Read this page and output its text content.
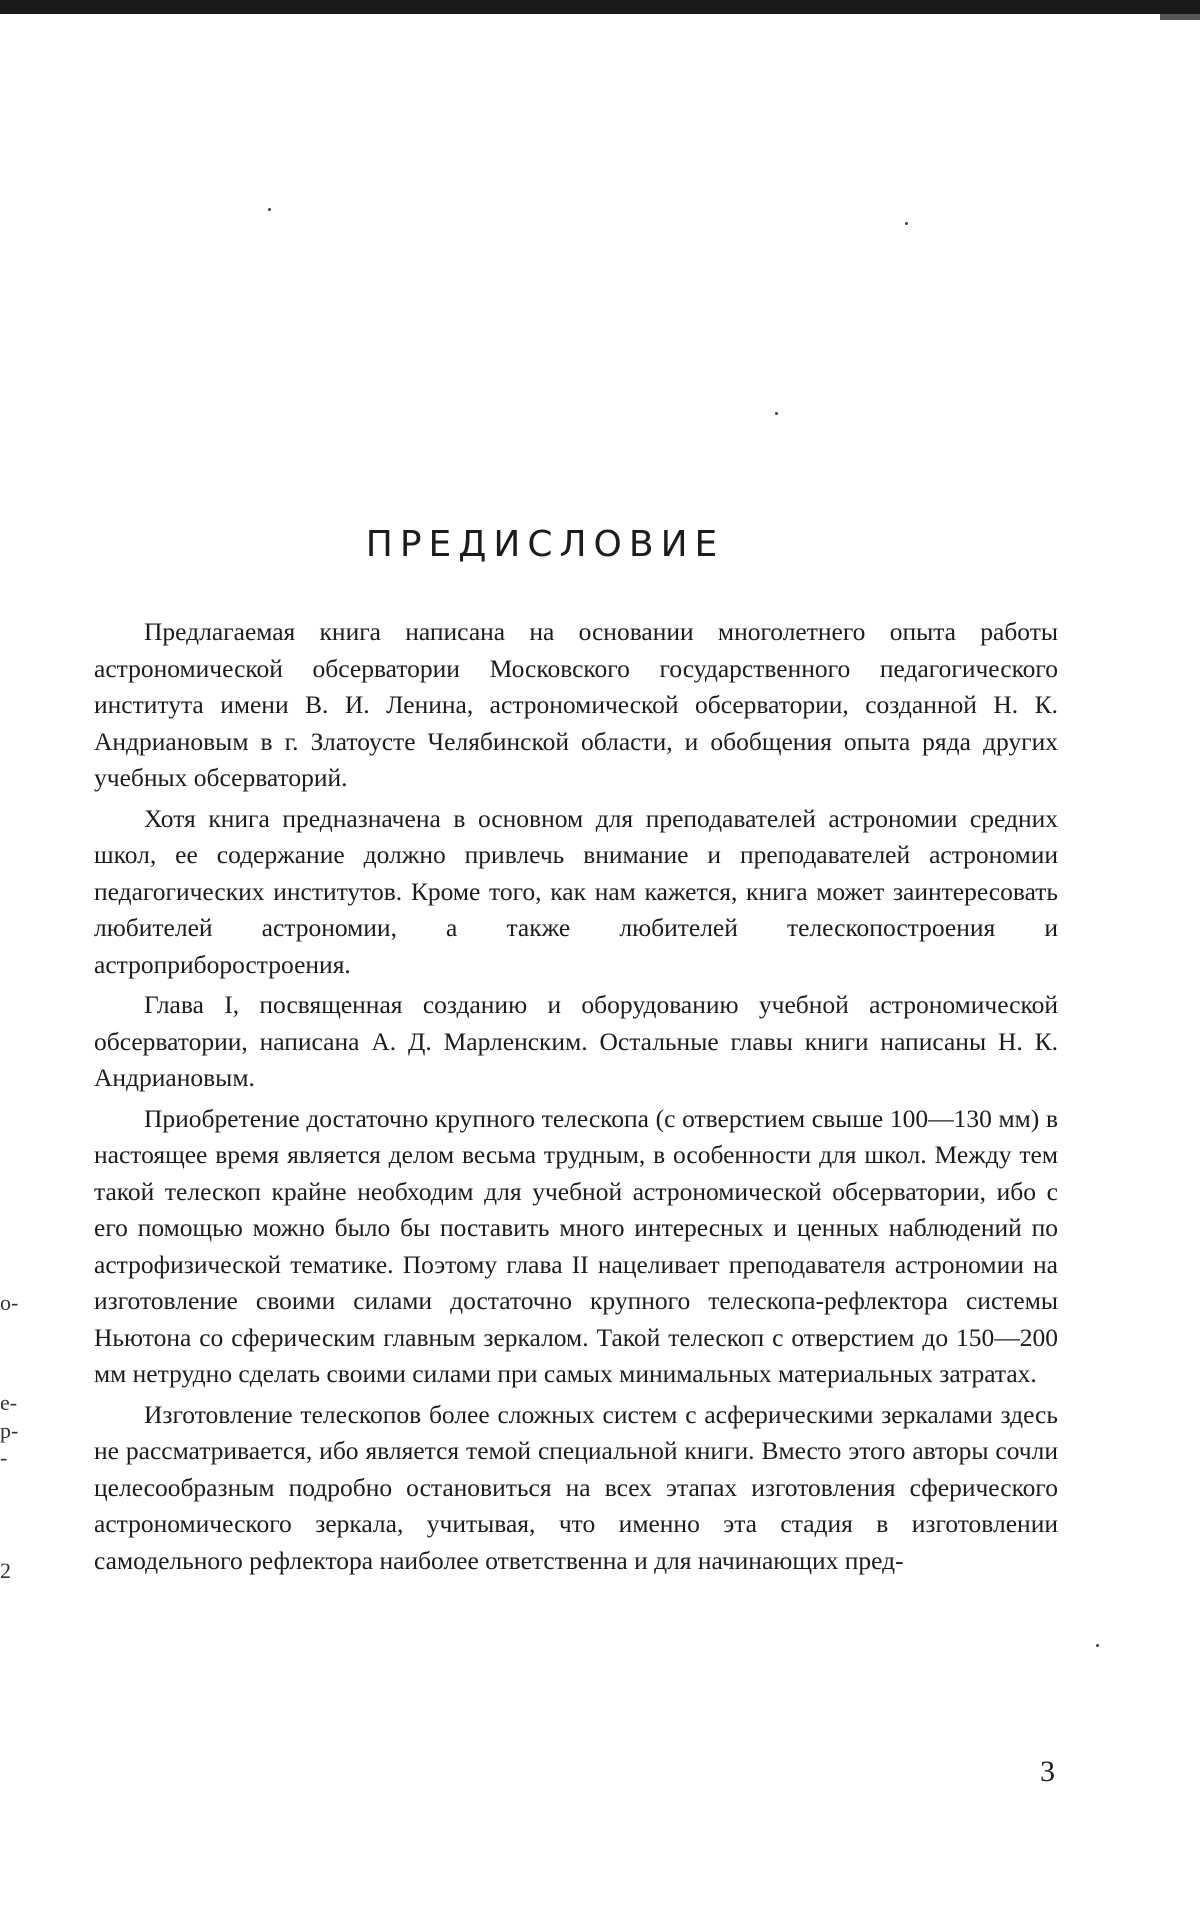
ПРЕДИСЛОВИЕ

Предлагаемая книга написана на основании многолетнего опыта работы астрономической обсерватории Московского государственного педагогического института имени В. И. Ленина, астрономической обсерватории, созданной Н. К. Андриановым в г. Златоусте Челябинской области, и обобщения опыта ряда других учебных обсерваторий.

Хотя книга предназначена в основном для преподавателей астрономии средних школ, ее содержание должно привлечь внимание и преподавателей астрономии педагогических институтов. Кроме того, как нам кажется, книга может заинтересовать любителей астрономии, а также любителей телескопостроения и астроприборостроения.

Глава I, посвященная созданию и оборудованию учебной астрономической обсерватории, написана А. Д. Марленским. Остальные главы книги написаны Н. К. Андриановым.

Приобретение достаточно крупного телескопа (с отверстием свыше 100—130 мм) в настоящее время является делом весьма трудным, в особенности для школ. Между тем такой телескоп крайне необходим для учебной астрономической обсерватории, ибо с его помощью можно было бы поставить много интересных и ценных наблюдений по астрофизической тематике. Поэтому глава II нацеливает преподавателя астрономии на изготовление своими силами достаточно крупного телескопа-рефлектора системы Ньютона со сферическим главным зеркалом. Такой телескоп с отверстием до 150—200 мм нетрудно сделать своими силами при самых минимальных материальных затратах.

Изготовление телескопов более сложных систем с асферическими зеркалами здесь не рассматривается, ибо является темой специальной книги. Вместо этого авторы сочли целесообразным подробно остановиться на всех этапах изготовления сферического астрономического зеркала, учитывая, что именно эта стадия в изготовлении самодельного рефлектора наиболее ответственна и для начинающих пред-

о-
е-
р-
-
2
3
